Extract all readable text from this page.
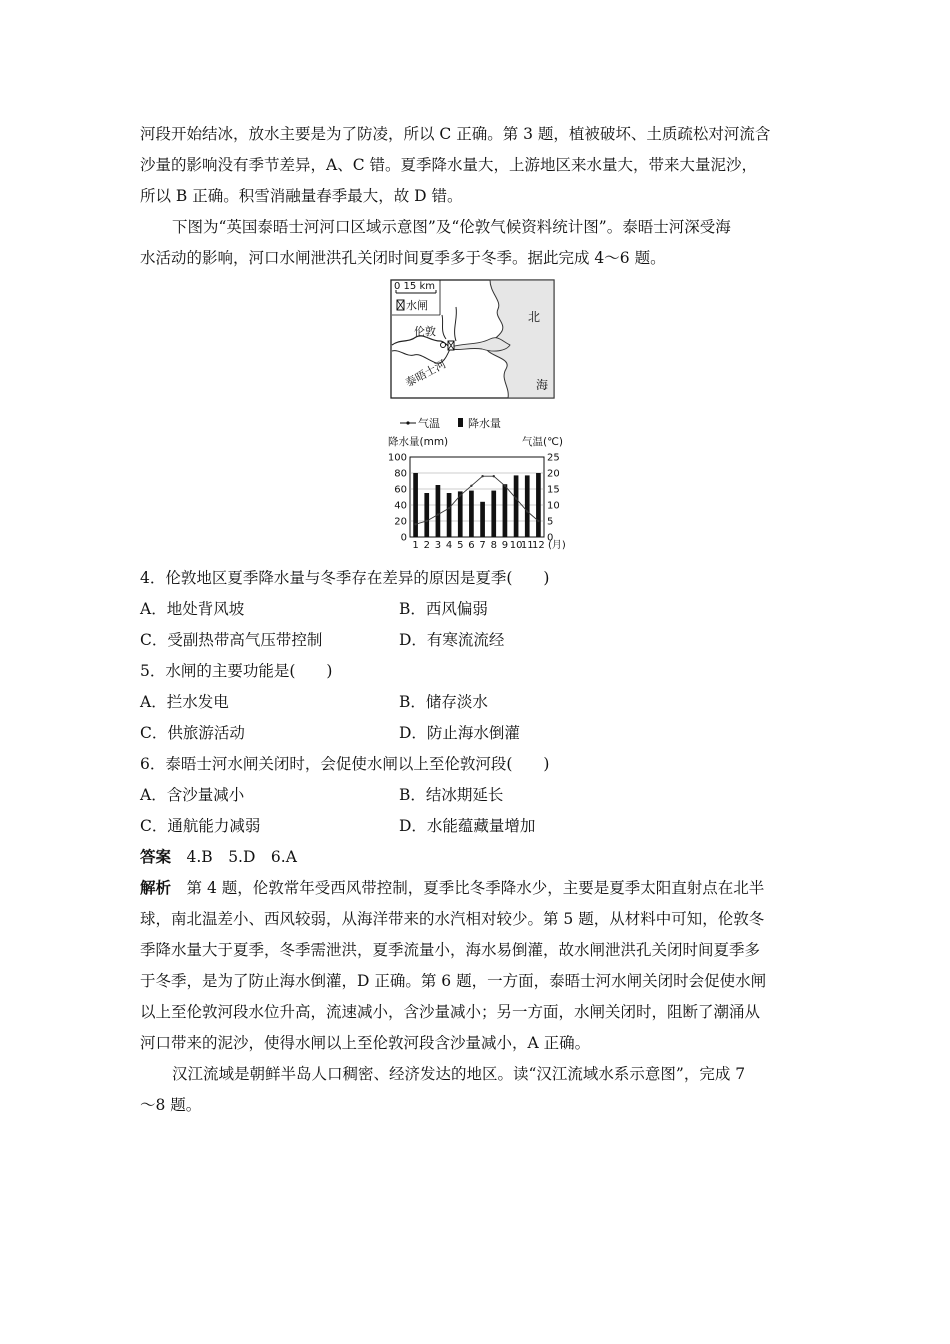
河段开始结冰，放水主要是为了防凌，所以 C 正确。第 3 题，植被破坏、土质疏松对河流含
沙量的影响没有季节差异，A、C 错。夏季降水量大，上游地区来水量大，带来大量泥沙，
所以 B 正确。积雪消融量春季最大，故 D 错。
下图为“英国泰晤士河河口区域示意图”及“伦敦气候资料统计图”。泰晤士河深受海
水活动的影响，河口水闸泄洪孔关闭时间夏季多于冬季。据此完成 4～6 题。
0 15 km
水闸
伦敦
泰晤士河
北
海
气温	降水量
降水量(mm)	气温(℃)
0
20
40
60
80
100
0
5
10
15
20
25
1 2 3 4 5 6 7 8 9 10
11
12 (月)
4．伦敦地区夏季降水量与冬季存在差异的原因是夏季(　　)
A．地处背风坡	B．西风偏弱
C．受副热带高气压带控制	D．有寒流流经
5．水闸的主要功能是(　　)
A．拦水发电	B．储存淡水
C．供旅游活动	D．防止海水倒灌
6．泰晤士河水闸关闭时，会促使水闸以上至伦敦河段(　　)
A．含沙量减小	B．结冰期延长
C．通航能力减弱	D．水能蕴藏量增加
答案　4.B　5.D　6.A
解析　第 4 题，伦敦常年受西风带控制，夏季比冬季降水少，主要是夏季太阳直射点在北半
球，南北温差小、西风较弱，从海洋带来的水汽相对较少。第 5 题，从材料中可知，伦敦冬
季降水量大于夏季，冬季需泄洪，夏季流量小，海水易倒灌，故水闸泄洪孔关闭时间夏季多
于冬季，是为了防止海水倒灌，D 正确。第 6 题，一方面，泰晤士河水闸关闭时会促使水闸
以上至伦敦河段水位升高，流速减小，含沙量减小；另一方面，水闸关闭时，阻断了潮涌从
河口带来的泥沙，使得水闸以上至伦敦河段含沙量减小，A 正确。
汉江流域是朝鲜半岛人口稠密、经济发达的地区。读“汉江流域水系示意图”，完成 7
～8 题。
